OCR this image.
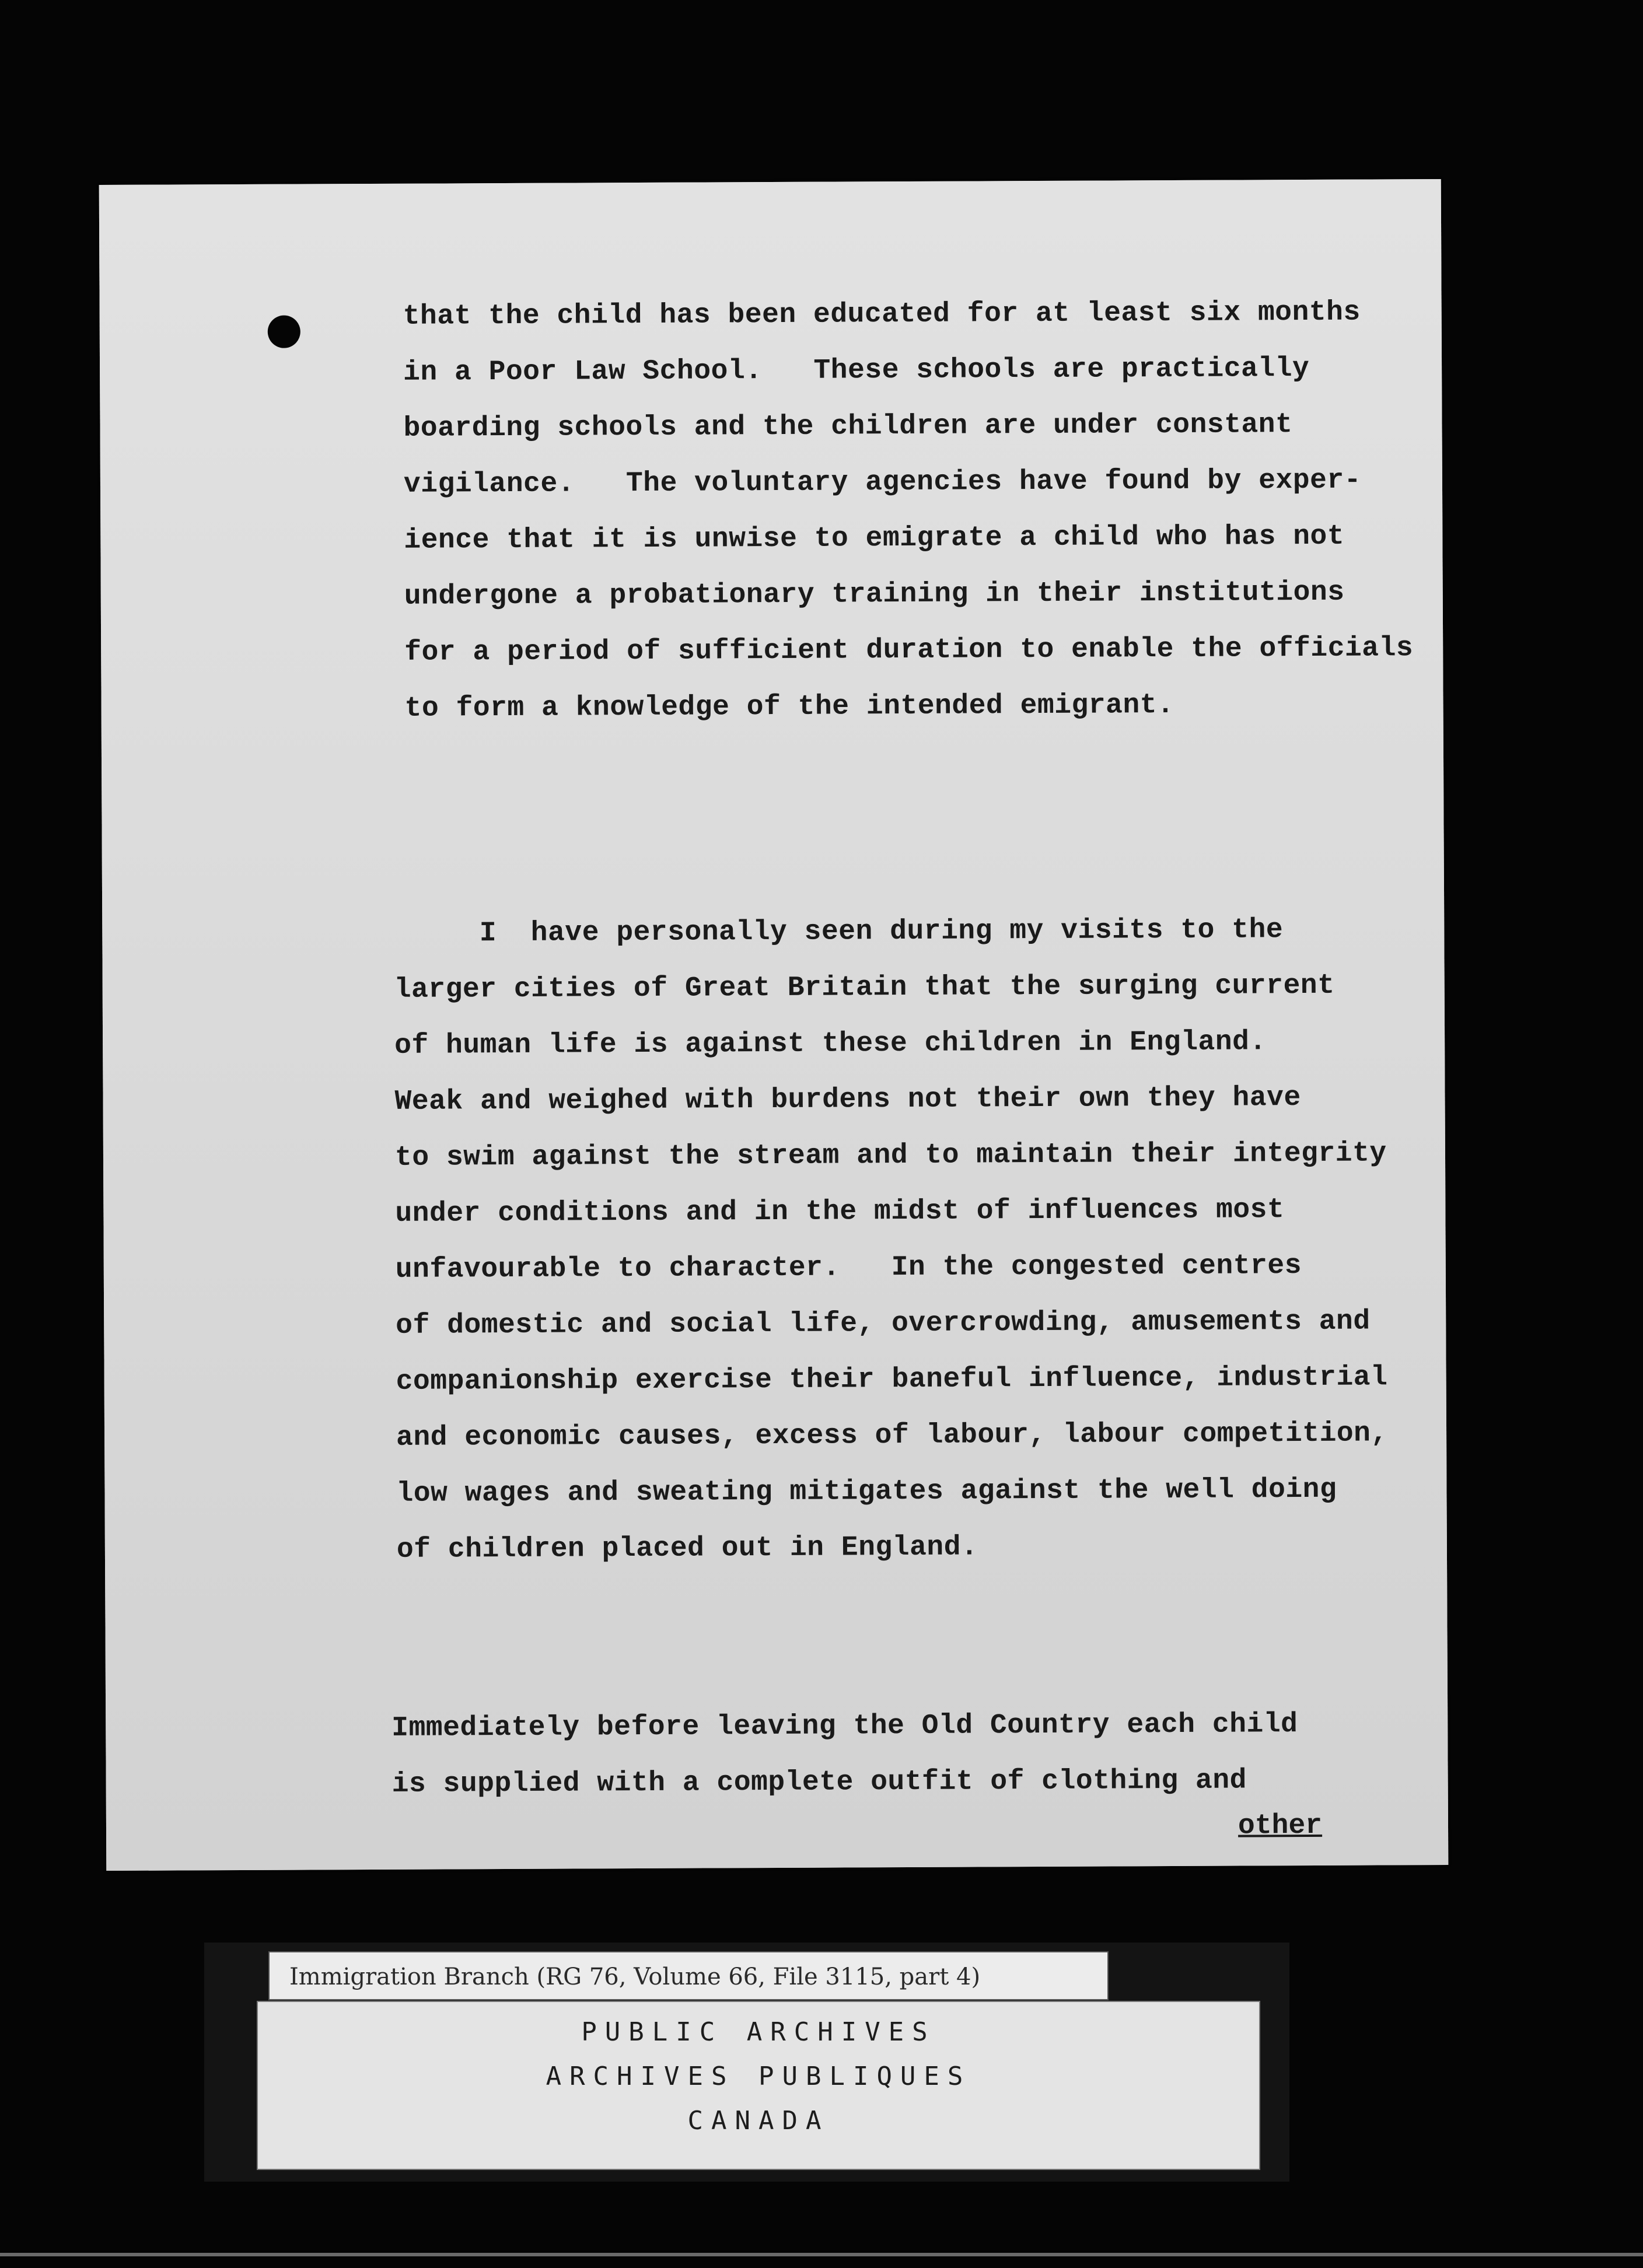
that the child has been educated for at least six months
in a Poor Law School.   These schools are practically
boarding schools and the children are under constant
vigilance.   The voluntary agencies have found by exper-
ience that it is unwise to emigrate a child who has not
undergone a probationary training in their institutions
for a period of sufficient duration to enable the officials
to form a knowledge of the intended emigrant.
I  have personally seen during my visits to the
larger cities of Great Britain that the surging current
of human life is against these children in England.
Weak and weighed with burdens not their own they have
to swim against the stream and to maintain their integrity
under conditions and in the midst of influences most
unfavourable to character.   In the congested centres
of domestic and social life, overcrowding, amusements and
companionship exercise their baneful influence, industrial
and economic causes, excess of labour, labour competition,
low wages and sweating mitigates against the well doing
of children placed out in England.
Immediately before leaving the Old Country each child
is supplied with a complete outfit of clothing and
other
Immigration Branch (RG 76, Volume 66, File 3115, part 4)
PUBLIC ARCHIVES
ARCHIVES PUBLIQUES
CANADA
